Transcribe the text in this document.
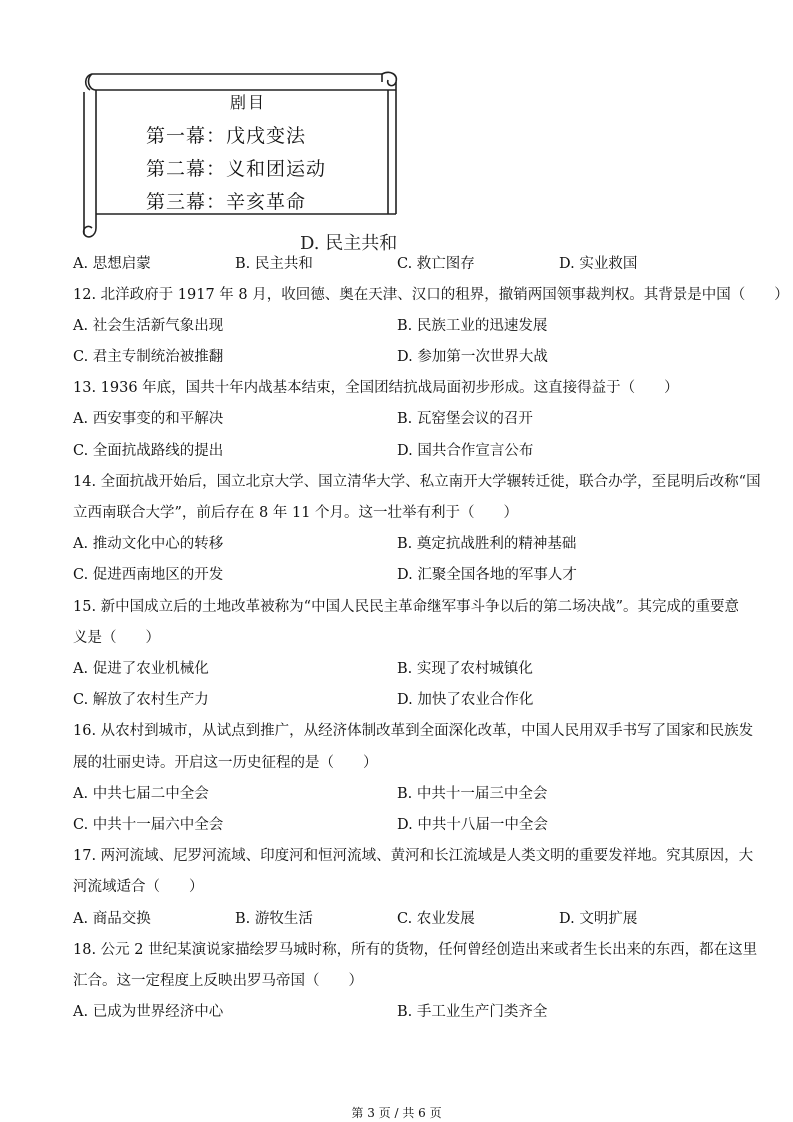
剧目
第一幕：戊戌变法
第二幕：义和团运动
第三幕：辛亥革命
D. 民主共和
A. 思想启蒙	B. 民主共和	C. 救亡图存	D. 实业救国
12. 北洋政府于 1917 年 8 月，收回德、奥在天津、汉口的租界，撤销两国领事裁判权。其背景是中国（　　）
A. 社会生活新气象出现	B. 民族工业的迅速发展
C. 君主专制统治被推翻	D. 参加第一次世界大战
13. 1936 年底，国共十年内战基本结束，全国团结抗战局面初步形成。这直接得益于（　　）
A. 西安事变的和平解决	B. 瓦窑堡会议的召开
C. 全面抗战路线的提出	D. 国共合作宣言公布
14. 全面抗战开始后，国立北京大学、国立清华大学、私立南开大学辗转迁徙，联合办学，至昆明后改称“国
立西南联合大学”，前后存在 8 年 11 个月。这一壮举有利于（　　）
A. 推动文化中心的转移	B. 奠定抗战胜利的精神基础
C. 促进西南地区的开发	D. 汇聚全国各地的军事人才
15. 新中国成立后的土地改革被称为“中国人民民主革命继军事斗争以后的第二场决战”。其完成的重要意
义是（　　）
A. 促进了农业机械化	B. 实现了农村城镇化
C. 解放了农村生产力	D. 加快了农业合作化
16. 从农村到城市，从试点到推广，从经济体制改革到全面深化改革，中国人民用双手书写了国家和民族发
展的壮丽史诗。开启这一历史征程的是（　　）
A. 中共七届二中全会	B. 中共十一届三中全会
C. 中共十一届六中全会	D. 中共十八届一中全会
17. 两河流域、尼罗河流域、印度河和恒河流域、黄河和长江流域是人类文明的重要发祥地。究其原因，大
河流域适合（　　）
A. 商品交换	B. 游牧生活	C. 农业发展	D. 文明扩展
18. 公元 2 世纪某演说家描绘罗马城时称，所有的货物，任何曾经创造出来或者生长出来的东西，都在这里
汇合。这一定程度上反映出罗马帝国（　　）
A. 已成为世界经济中心	B. 手工业生产门类齐全
第 3 页 / 共 6 页
